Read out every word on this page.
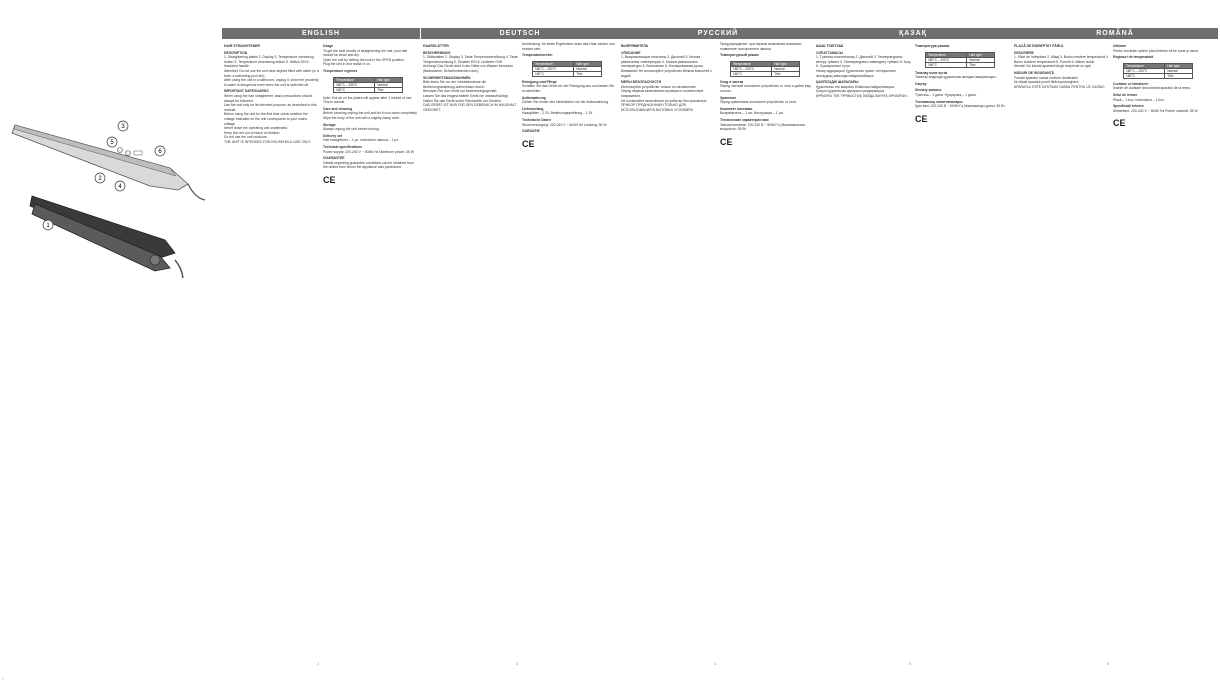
3
5
6
2
4
1
ENGLISH

HAIR STRAIGHTENER

DESCRIPTION

1. Straightening plates 2. Display 3. Temperature increasing button 4. Temperature decreasing button 5. Switch ON 6. Insulated handle

Attention! Do not use the unit near objects filled with water (in a bath, a swimming pool etc).

After using the unit in a bathroom, unplug it, since the proximity to water is dangerous even when the unit is switched off.

IMPORTANT SAFEGUARDS

When using the hair straightener, basic precautions should always be followed.

Use the unit only for its intended purpose, as described in this manual.

Before using the unit for the first time check whether the voltage indicated on the unit corresponds to your mains voltage.

Never leave the operating unit unattended.

Keep the unit out of reach of children.

Do not use the unit outdoors.

THE UNIT IS INTENDED FOR HOUSEHOLD USE ONLY.

Usage

To get the best results of straightening the hair, your hair should be clean and dry.

Open the unit by setting the lock in the OPEN position.

Plug the unit in and switch it on.

Temperature regimes

Temperature	Hair type
180°C – 200°C	Normal
160°C	Thin

Note: Hot air on the plates will appear after 1 minute of use. This is normal.

Care and cleaning

Before cleaning unplug the unit and let it cool down completely.

Wipe the body of the unit with a slightly damp cloth.

Storage

Always unplug the unit before storing.

Delivery set

Hair straightener – 1 pc. Instruction manual – 1 pc.

Technical specifications

Power supply: 220-240 V ~ 50/60 Hz Maximum power: 35 W

GUARANTEE

Details regarding guarantee conditions can be obtained from the dealer from whom the appliance was purchased.

CE
2
DEUTSCH

HAARGLÄTTER

BESCHREIBUNG

1. Glättplatten 2. Display 3. Taste Temperaturerhöhung 4. Taste Temperatursenkung 5. Schalter EIN 6. Isolierter Griff

Achtung! Das Gerät nicht in der Nähe von Wasser benutzen (Badewanne, Schwimmbecken usw.).

SICHERHEITSMASSNAHMEN

Bitte lesen Sie vor der Inbetriebnahme die Bedienungsanleitung aufmerksam durch.

Benutzen Sie das Gerät nur bestimmungsgemäß.

Lassen Sie das eingeschaltete Gerät nie unbeaufsichtigt.

Halten Sie das Gerät außer Reichweite von Kindern.

DAS GERÄT IST NUR FÜR DEN GEBRAUCH IM HAUSHALT GEEIGNET.

Anwendung: für beste Ergebnisse muss das Haar sauber und trocken sein.

Temperaturbereich

Temperature	Hair type
180°C – 200°C	Normal
160°C	Thin

Reinigung und Pflege

Schalten Sie das Gerät vor der Reinigung aus und lassen Sie es abkühlen.

Aufbewahrung

Ziehen Sie immer den Netzstecker vor der Aufbewahrung.

Lieferumfang

Haarglätter – 1 St. Bedienungsanleitung – 1 St.

Technische Daten

Stromversorgung: 220-240 V ~ 50/60 Hz Leistung: 35 W

GARANTIE

CE
3
РУССКИЙ

ВЫПРЯМИТЕЛЬ

ОПИСАНИЕ

1. Выпрямляющие пластины 2. Дисплей 3. Кнопка увеличения температуры 4. Кнопка уменьшения температуры 5. Включение 6. Изолированная ручка

Внимание! Не используйте устройство вблизи ёмкостей с водой.

МЕРЫ БЕЗОПАСНОСТИ

Используйте устройство только по назначению.

Перед первым включением проверьте соответствие напряжения.

Не оставляйте включённое устройство без присмотра.

ПРИБОР ПРЕДНАЗНАЧЕН ТОЛЬКО ДЛЯ ИСПОЛЬЗОВАНИЯ В БЫТОВЫХ УСЛОВИЯХ.

Предупреждение: при первом включении возможно появление постороннего запаха.

Температурный режим

Temperature	Hair type
180°C – 200°C	Normal
160°C	Thin

Уход и чистка

Перед чисткой отключите устройство от сети и дайте ему остыть.

Хранение

Перед хранением отключите устройство от сети.

Комплект поставки

Выпрямитель – 1 шт. Инструкция – 1 шт.

Технические характеристики

Электропитание: 220-240 В ~ 50/60 Гц Максимальная мощность: 35 Вт

CE
4
ҚАЗАҚ

ШАШ ТҮЗЕТКІШ

СИПАТТАМАСЫ

1. Түзеткіш пластиналар 2. Дисплей 3. Температураны көтеру түймесі 4. Температураны төмендету түймесі 5. Қосу 6. Оқшауланған тұтқа

Назар аударыңыз! Құрылғыны сумен толтырылған заттардың жанында пайдаланбаңыз.

ҚАУІПСІЗДІК ШАРАЛАРЫ

Құрылғыны тек мақсаты бойынша пайдаланыңыз.

Қосулы құрылғыны қараусыз қалдырмаңыз.

ҚҰРЫЛҒЫ ТЕК ТҰРМЫСТЫҚ ПАЙДАЛАНУҒА АРНАЛҒАН.

Температура режимі

Temperature	Hair type
180°C – 200°C	Normal
160°C	Thin

Тазалау және күтім

Тазалау алдында құрылғыны желіден ажыратыңыз.

Сақтау

Жеткізу жинағы

Түзеткіш – 1 дана. Нұсқаулық – 1 дана.

Техникалық сипаттамалары

Қуат көзі: 220-240 В ~ 50/60 Гц Максималды қуаты: 35 Вт

CE
5
ROMÂNĂ

PLACĂ DE ÎNDREPTAT PĂRUL

DESCRIERE

1. Plăci de îndreptare 2. Afișaj 3. Buton creștere temperatură 4. Buton scădere temperatură 5. Pornire 6. Mâner izolat

Atenție! Nu folosiți aparatul lângă recipiente cu apă.

MĂSURI DE SIGURANȚĂ

Folosiți aparatul numai conform destinației.

Nu lăsați aparatul pornit fără supraveghere.

APARATUL ESTE DESTINAT NUMAI PENTRU UZ CASNIC.

Utilizare

Pentru rezultate optime părul trebuie să fie curat și uscat.

Regimuri de temperatură

Temperature	Hair type
180°C – 200°C	Normal
160°C	Thin

Curățare și întreținere

Înainte de curățare deconectați aparatul de la rețea.

Setul de livrare

Placă – 1 buc. Instrucțiuni – 1 buc.

Specificații tehnice

Alimentare: 220-240 V ~ 50/60 Hz Putere maximă: 35 W

CE
6
▪
